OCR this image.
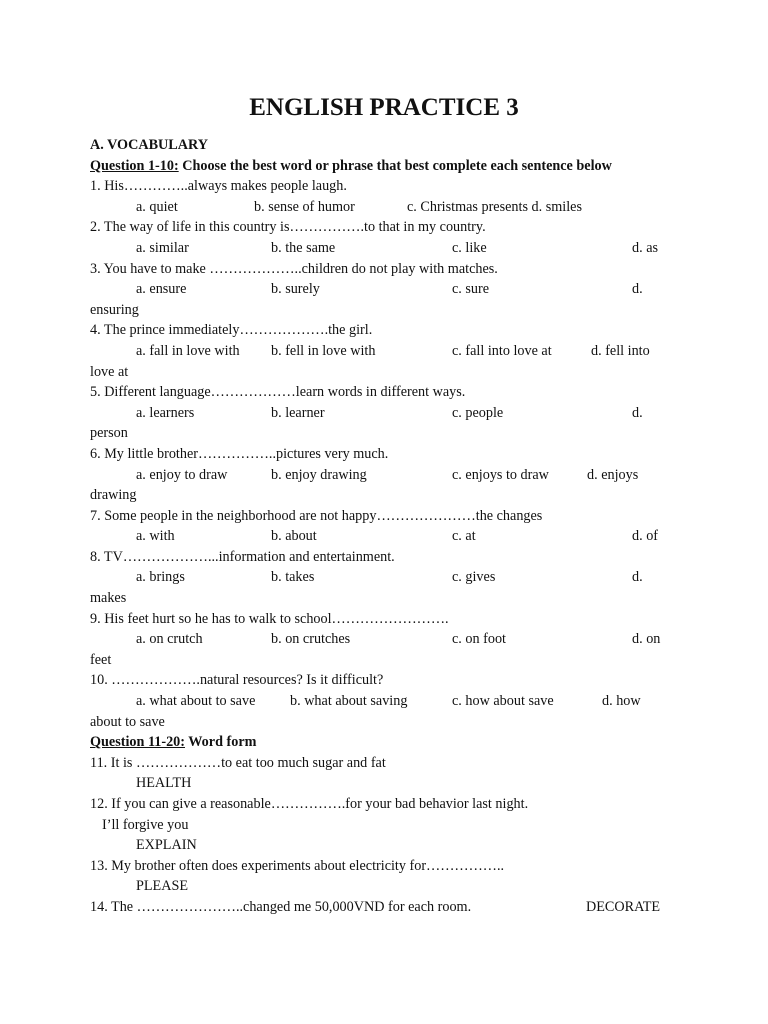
ENGLISH PRACTICE 3
A. VOCABULARY
Question 1-10: Choose the best word or phrase that best complete each sentence below
1. His…………..always makes people laugh.
a. quiet	b. sense of humor	c. Christmas presents d. smiles
2. The way of life in this country is…………….to that in my country.
a. similar	b. the same	c. like	d. as
3. You have to make ………………..children do not play with matches.
a. ensure	b. surely	c. sure	d.
ensuring
4. The prince immediately……………….the girl.
a. fall in love with b. fell in love with	c. fall into love at	d. fell into
love at
5. Different language………………learn words in different ways.
a. learners	b. learner	c. people	d.
person
6. My little brother……………..pictures very much.
a. enjoy to draw	b. enjoy drawing	c. enjoys to draw	d. enjoys
drawing
7. Some people in the neighborhood are not happy…………………the changes
a. with	b. about	c. at	d. of
8. TV………………...information and entertainment.
a. brings	b. takes	c. gives	d.
makes
9. His feet hurt so he has to walk to school…………………….
a. on crutch	b. on crutches	c. on foot	d. on
feet
10. ……………….natural resources? Is it difficult?
a. what about to save b. what about saving	c. how about save	d. how
about to save
Question 11-20: Word form
11. It is ………………to eat too much sugar and fat
HEALTH
12. If you can give a reasonable…………….for your bad behavior last night.
I’ll forgive you
EXPLAIN
13. My brother often does experiments about electricity for……………..
PLEASE
14. The …………………..changed me 50,000VND for each room.	DECORATE
